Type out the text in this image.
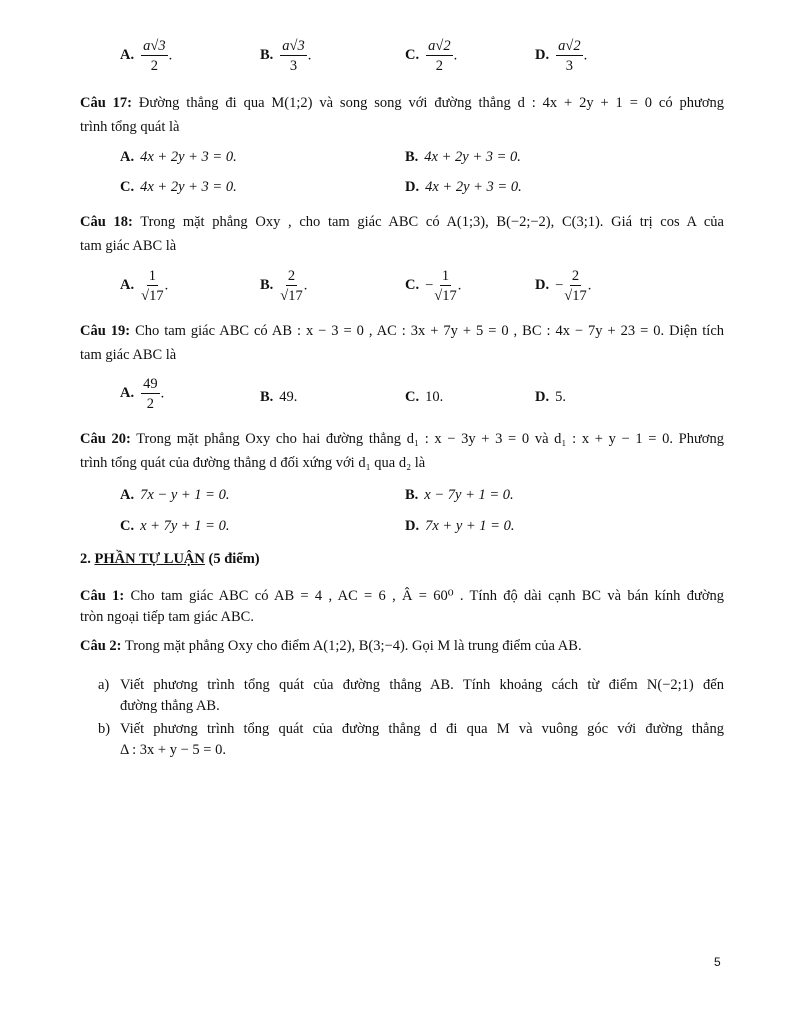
A. $\frac{a√3}{2}$ .	B. $\frac{a√3}{3}$ .	C. $\frac{a√2}{2}$ .	D. $\frac{a√2}{3}$ .
Câu 17: Đường thẳng đi qua M(1;2) và song song với đường thẳng d : 4x + 2y + 1 = 0 có phương
trình tổng quát là
A. 4x + 2y + 3 = 0.	B. 4x + 2y + 3 = 0.
C. 4x + 2y + 3 = 0.	D. 4x + 2y + 3 = 0.
Câu 18: Trong mặt phẳng Oxy , cho tam giác ABC có A(1;3), B(−2;−2), C(3;1). Giá trị cos A của
tam giác ABC là
A. $\frac{1}{√17}$ .	B. $\frac{2}{√17}$ .	C. − $\frac{1}{√17}$ .	D. − $\frac{2}{√17}$ .
Câu 19: Cho tam giác ABC có AB : x − 3 = 0 , AC : 3x + 7y + 5 = 0 , BC : 4x − 7y + 23 = 0. Diện tích
tam giác ABC là
A. $\frac{49}{2}$ .	B. 49.	C. 10.	D. 5.
Câu 20: Trong mặt phẳng Oxy cho hai đường thẳng d₁ : x − 3y + 3 = 0 và d₁ : x + y − 1 = 0. Phương
trình tổng quát của đường thẳng d đối xứng với d₁ qua d₂ là
A. 7x − y + 1 = 0.	B. x − 7y + 1 = 0.
C. x + 7y + 1 = 0.	D. 7x + y + 1 = 0.
2. PHẦN TỰ LUẬN (5 điểm)
Câu 1: Cho tam giác ABC có AB = 4 , AC = 6 , Â = 60⁰ . Tính độ dài cạnh BC và bán kính đường
tròn ngoại tiếp tam giác ABC.
Câu 2: Trong mặt phẳng Oxy cho điểm A(1;2), B(3;−4). Gọi M là trung điểm của AB.
a) Viết phương trình tổng quát của đường thẳng AB. Tính khoảng cách từ điểm N(−2;1) đến
đường thẳng AB.
b) Viết phương trình tổng quát của đường thẳng d đi qua M và vuông góc với đường thẳng
Δ : 3x + y − 5 = 0.
5
